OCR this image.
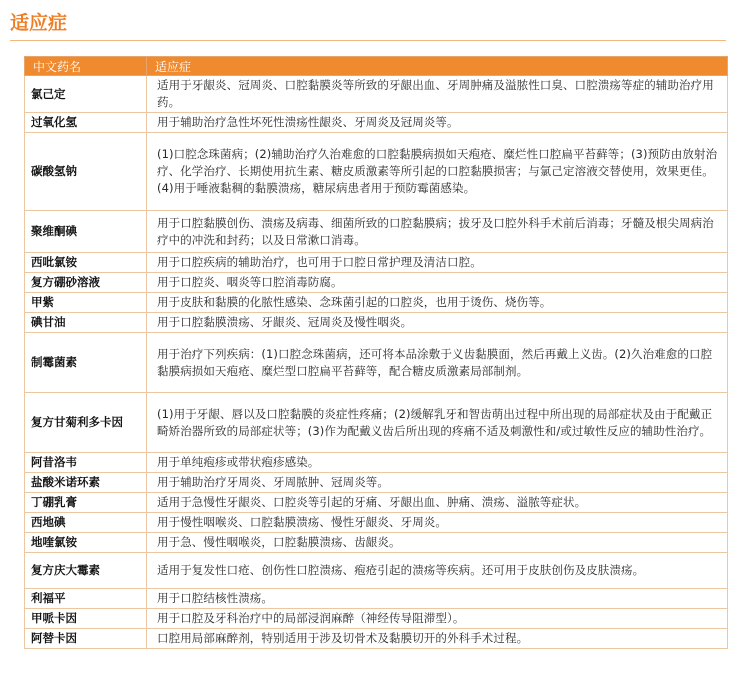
适应症
中文药名	适应症
氯己定	适用于牙龈炎、冠周炎、口腔黏膜炎等所致的牙龈出血、牙周肿痛及溢脓性口臭、口腔溃疡等症的辅助治疗用药。
过氧化氢	用于辅助治疗急性坏死性溃疡性龈炎、牙周炎及冠周炎等。
碳酸氢钠	(1)口腔念珠菌病；(2)辅助治疗久治难愈的口腔黏膜病损如天疱疮、糜烂性口腔扁平苔藓等；(3)预防由放射治疗、化学治疗、长期使用抗生素、糖皮质激素等所引起的口腔黏膜损害；与氯己定溶液交替使用，效果更佳。(4)用于唾液黏稠的黏膜溃疡，糖尿病患者用于预防霉菌感染。
聚维酮碘	用于口腔黏膜创伤、溃疡及病毒、细菌所致的口腔黏膜病；拔牙及口腔外科手术前后消毒；牙髓及根尖周病治疗中的冲洗和封药；以及日常漱口消毒。
西吡氯铵	用于口腔疾病的辅助治疗，也可用于口腔日常护理及清洁口腔。
复方硼砂溶液	用于口腔炎、咽炎等口腔消毒防腐。
甲紫	用于皮肤和黏膜的化脓性感染、念珠菌引起的口腔炎，也用于烫伤、烧伤等。
碘甘油	用于口腔黏膜溃疡、牙龈炎、冠周炎及慢性咽炎。
制霉菌素	用于治疗下列疾病：(1)口腔念珠菌病，还可将本品涂敷于义齿黏膜面，然后再戴上义齿。(2)久治难愈的口腔黏膜病损如天疱疮、糜烂型口腔扁平苔藓等，配合糖皮质激素局部制剂。
复方甘菊利多卡因	(1)用于牙龈、唇以及口腔黏膜的炎症性疼痛；(2)缓解乳牙和智齿萌出过程中所出现的局部症状及由于配戴正畸矫治器所致的局部症状等；(3)作为配戴义齿后所出现的疼痛不适及刺激性和/或过敏性反应的辅助性治疗。
阿昔洛韦	用于单纯疱疹或带状疱疹感染。
盐酸米诺环素	用于辅助治疗牙周炎、牙周脓肿、冠周炎等。
丁硼乳膏	适用于急慢性牙龈炎、口腔炎等引起的牙痛、牙龈出血、肿痛、溃疡、溢脓等症状。
西地碘	用于慢性咽喉炎、口腔黏膜溃疡、慢性牙龈炎、牙周炎。
地喹氯铵	用于急、慢性咽喉炎，口腔黏膜溃疡、齿龈炎。
复方庆大霉素	适用于复发性口疮、创伤性口腔溃疡、疱疮引起的溃疡等疾病。还可用于皮肤创伤及皮肤溃疡。
利福平	用于口腔结核性溃疡。
甲哌卡因	用于口腔及牙科治疗中的局部浸润麻醉（神经传导阻滞型）。
阿替卡因	口腔用局部麻醉剂，特别适用于涉及切骨术及黏膜切开的外科手术过程。
